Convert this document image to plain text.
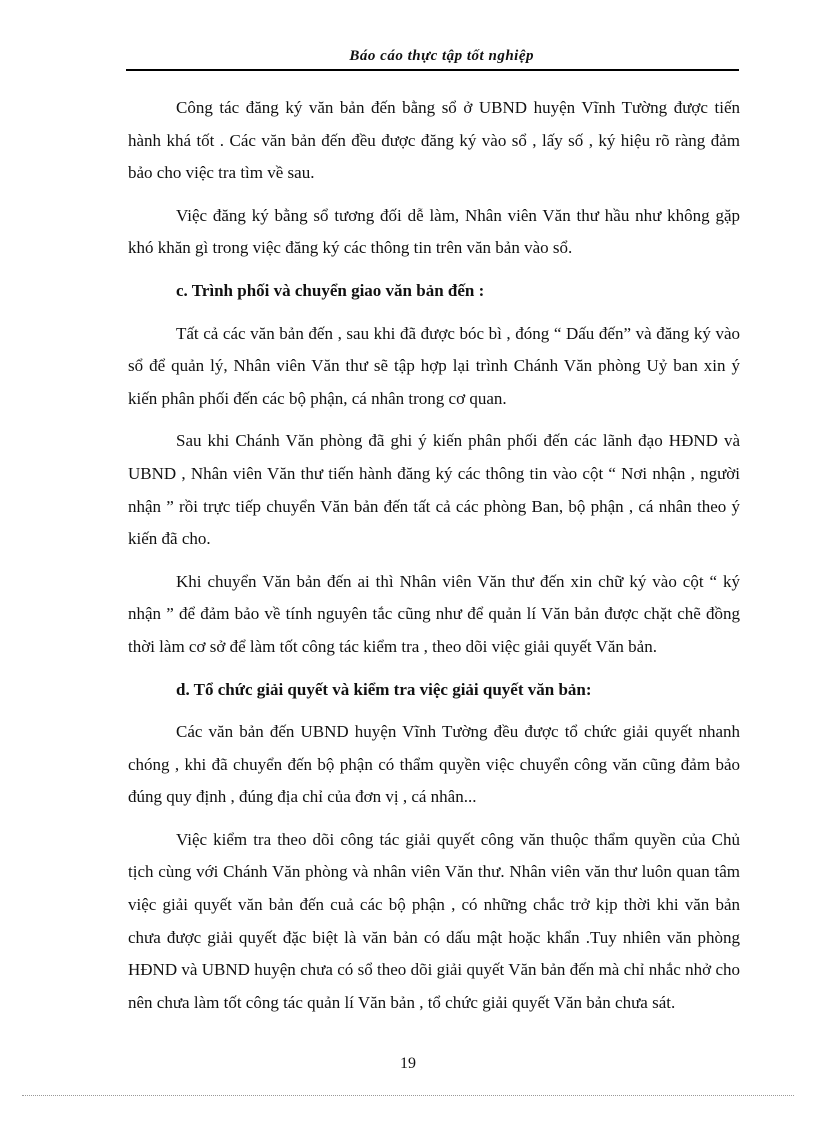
Báo cáo thực tập tốt nghiệp

Công tác đăng ký văn bản đến bằng sổ ở UBND huyện Vĩnh Tường được tiến hành khá tốt . Các văn bản đến đều được đăng ký vào sổ , lấy số , ký hiệu rõ ràng đảm bảo cho việc tra tìm về sau.

Việc đăng ký bằng sổ tương đối dễ làm, Nhân viên Văn thư hầu như không gặp khó khăn gì trong việc đăng ký các thông tin trên văn bản vào sổ.

c. Trình phối và chuyển giao văn bản đến :

Tất cả các văn bản đến , sau khi đã được bóc bì , đóng “ Dấu đến” và đăng ký vào sổ để quản lý, Nhân viên Văn thư sẽ tập hợp lại trình Chánh Văn phòng Uỷ ban xin ý kiến phân phối đến các bộ phận, cá nhân trong cơ quan.

Sau khi Chánh Văn phòng đã ghi ý kiến phân phối đến các lãnh đạo HĐND và UBND , Nhân viên Văn thư tiến hành đăng ký các thông tin vào cột “ Nơi nhận , người nhận ” rồi trực tiếp chuyển Văn bản đến tất cả các phòng Ban, bộ phận , cá nhân theo ý kiến đã cho.

Khi chuyển Văn bản đến ai thì Nhân viên Văn thư đến xin chữ ký vào cột “ ký nhận ” để đảm bảo về tính nguyên tắc cũng như để quản lí Văn bản được chặt chẽ đồng thời làm cơ sở để làm tốt công tác kiểm tra , theo dõi việc giải quyết Văn bản.

d. Tổ chức giải quyết và kiểm tra việc giải quyết văn bản:

Các văn bản đến UBND huyện Vĩnh Tường đều được tổ chức giải quyết nhanh chóng , khi đã chuyển đến bộ phận có thẩm quyền việc chuyển công văn cũng đảm bảo đúng quy định , đúng địa chỉ của đơn vị , cá nhân...

Việc kiểm tra theo dõi công tác giải quyết công văn thuộc thẩm quyền của Chủ tịch cùng với Chánh Văn phòng và nhân viên Văn thư. Nhân viên văn thư luôn quan tâm việc giải quyết văn bản đến cuả các bộ phận , có những chắc trở kịp thời khi văn bản chưa được giải quyết đặc biệt là văn bản có dấu mật hoặc khẩn .Tuy nhiên văn phòng HĐND và UBND huyện chưa có sổ theo dõi giải quyết Văn bản đến mà chỉ nhắc nhở cho nên chưa làm tốt công tác quản lí Văn bản , tổ chức giải quyết Văn bản chưa sát.

19
